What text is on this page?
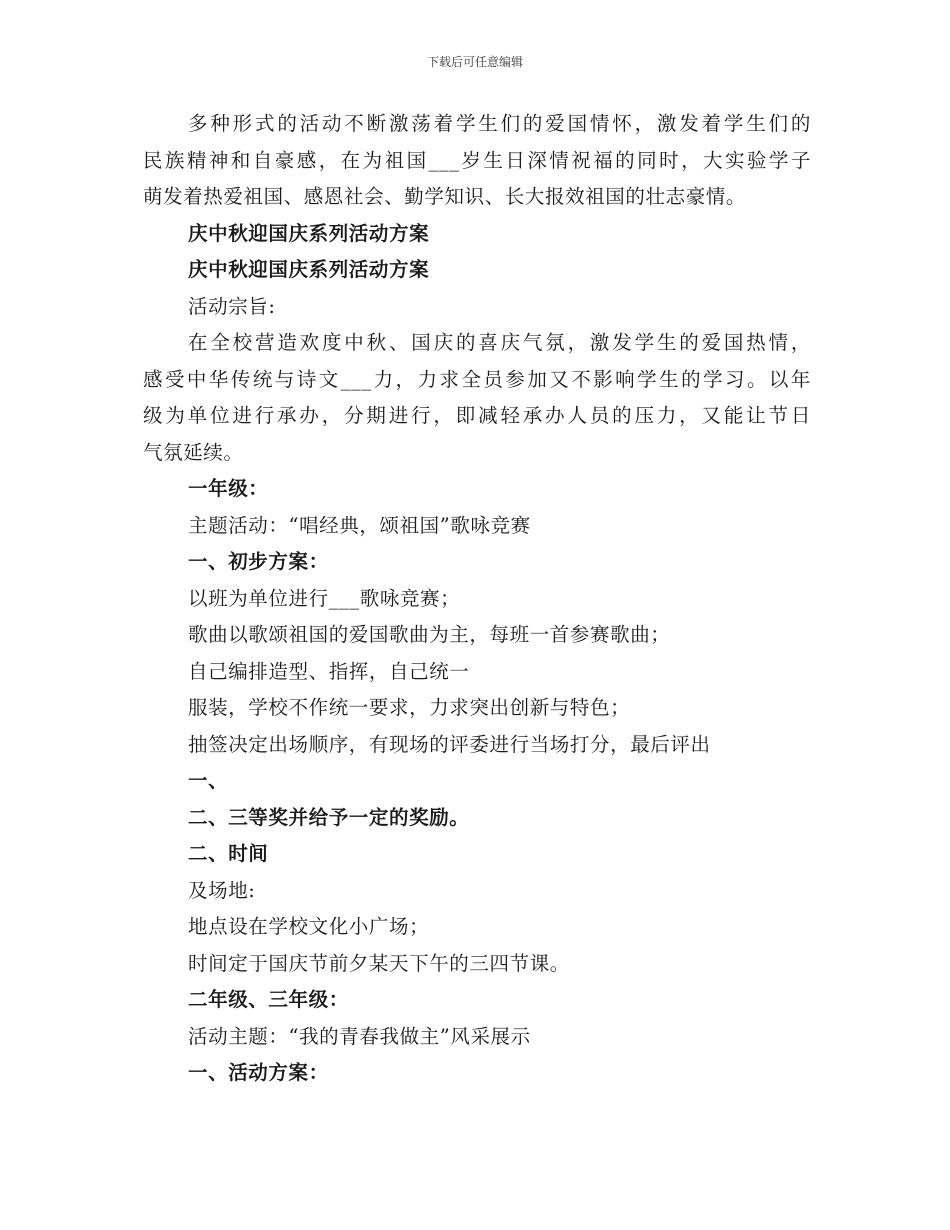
下载后可任意编辑
多种形式的活动不断激荡着学生们的爱国情怀，激发着学生们的
民族精神和自豪感，在为祖国___岁生日深情祝福的同时，大实验学子
萌发着热爱祖国、感恩社会、勤学知识、长大报效祖国的壮志豪情。
庆中秋迎国庆系列活动方案
庆中秋迎国庆系列活动方案
活动宗旨:
在全校营造欢度中秋、国庆的喜庆气氛，激发学生的爱国热情，
感受中华传统与诗文___力，力求全员参加又不影响学生的学习。以年
级为单位进行承办，分期进行，即减轻承办人员的压力，又能让节日
气氛延续。
一年级：
主题活动：“唱经典，颂祖国”歌咏竞赛
一、初步方案：
以班为单位进行___歌咏竞赛；
歌曲以歌颂祖国的爱国歌曲为主，每班一首参赛歌曲；
自己编排造型、指挥，自己统一
服装，学校不作统一要求，力求突出创新与特色；
抽签决定出场顺序，有现场的评委进行当场打分，最后评出
一、
二、三等奖并给予一定的奖励。
二、时间
及场地:
地点设在学校文化小广场；
时间定于国庆节前夕某天下午的三四节课。
二年级、三年级：
活动主题：“我的青春我做主”风采展示
一、活动方案：
